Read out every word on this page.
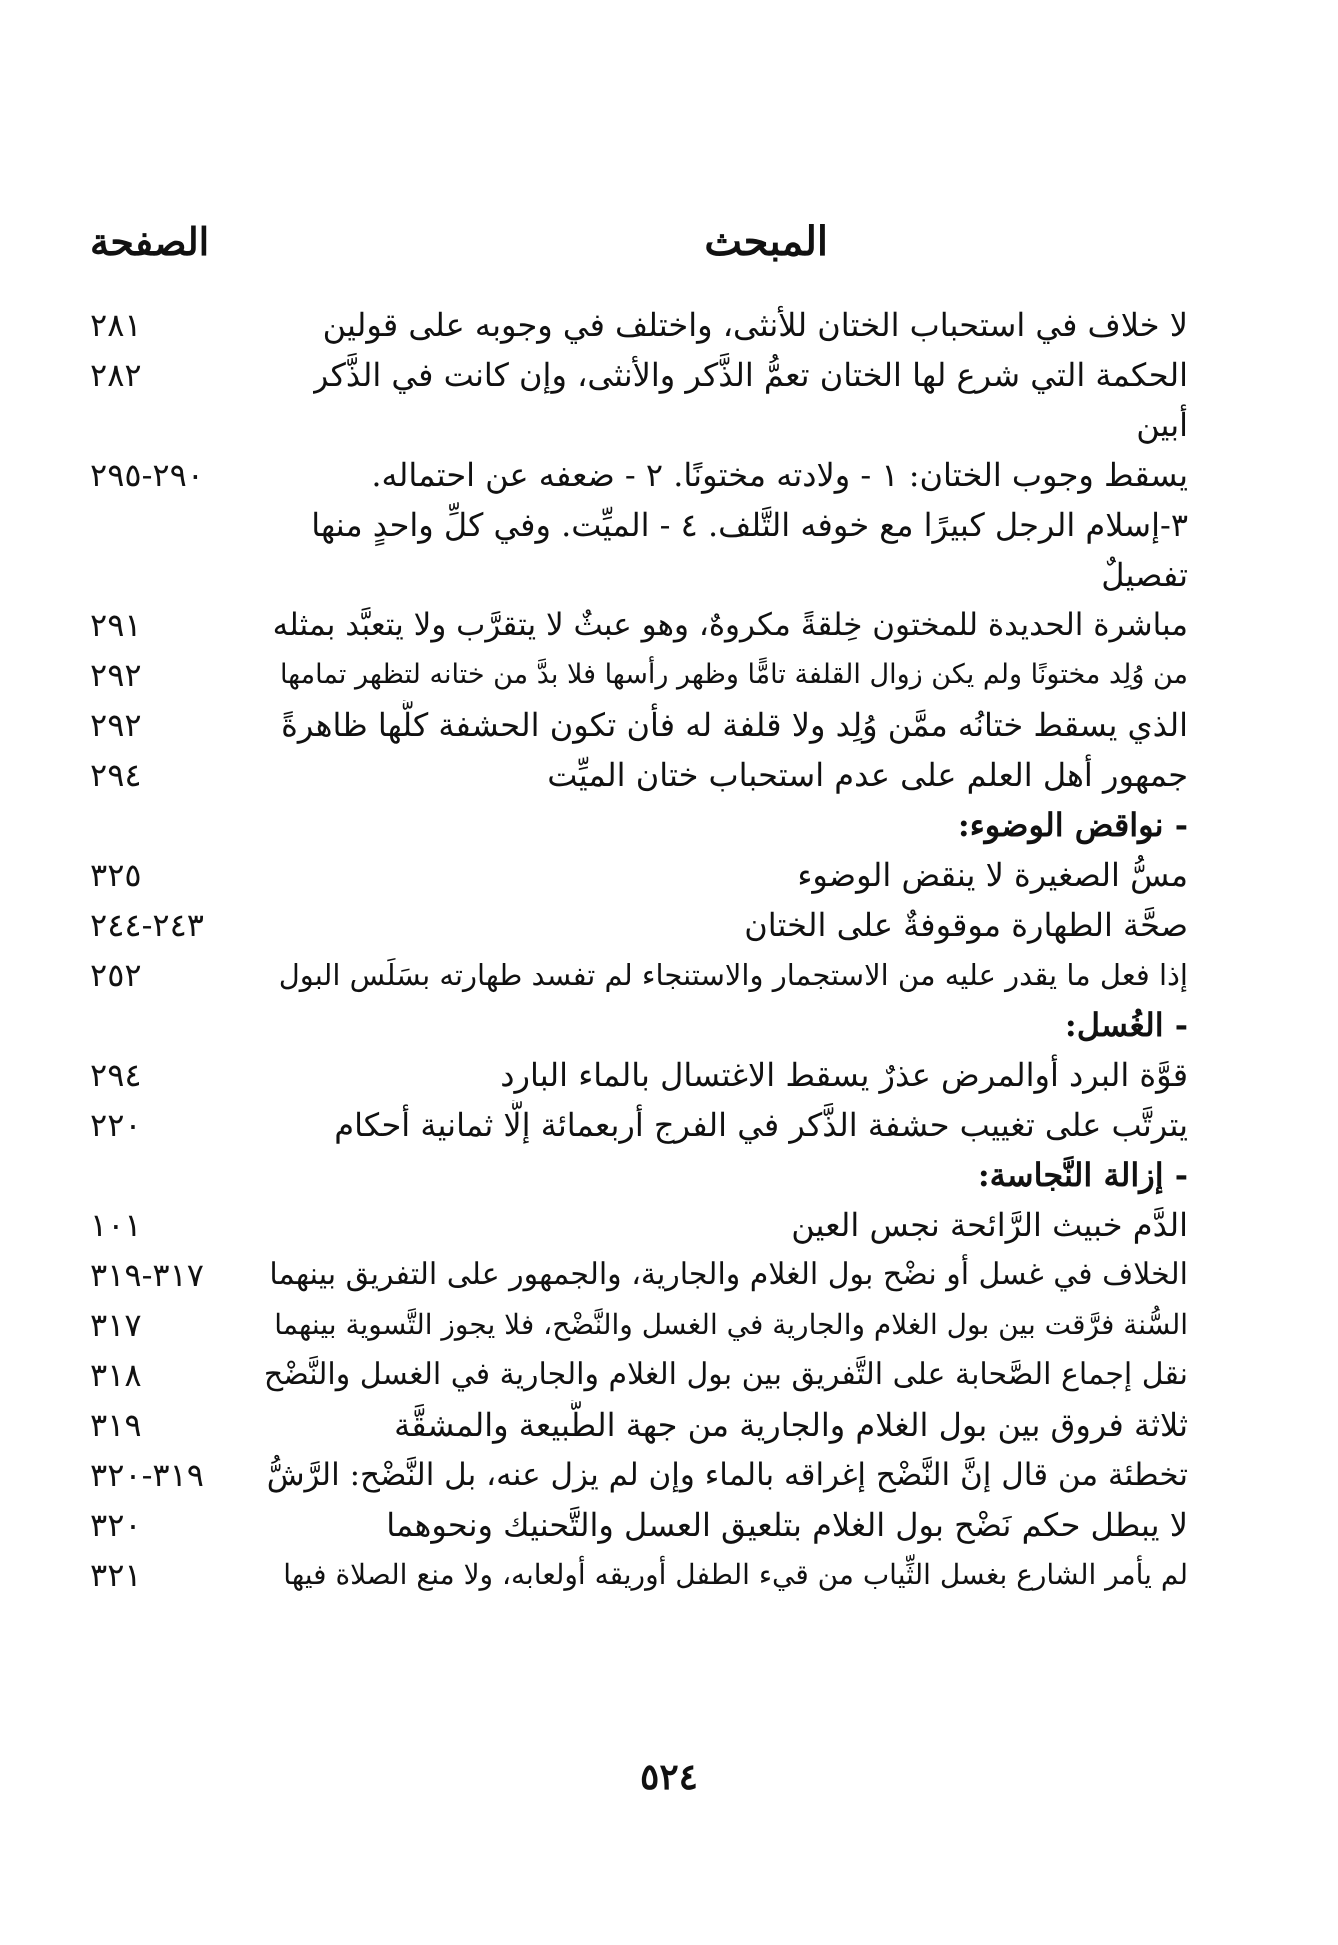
المبحث
الصفحة
لا خلاف في استحباب الختان للأنثى، واختلف في وجوبه على قولين
٢٨١
الحكمة التي شرع لها الختان تعمُّ الذَّكر والأنثى، وإن كانت في الذَّكر
٢٨٢
أبين
يسقط وجوب الختان: ١ - ولادته مختونًا. ٢ - ضعفه عن احتماله.
٢٩٠-٢٩٥
٣-إسلام الرجل كبيرًا مع خوفه التَّلف. ٤ - الميِّت. وفي كلِّ واحدٍ منها
تفصيلٌ
مباشرة الحديدة للمختون خِلقةً مكروهٌ، وهو عبثٌ لا يتقرَّب ولا يتعبَّد بمثله
٢٩١
من وُلِد مختونًا ولم يكن زوال القلفة تامًّا وظهر رأسها فلا بدَّ من ختانه لتظهر تمامها
٢٩٢
الذي يسقط ختانُه ممَّن وُلِد ولا قلفة له فأن تكون الحشفة كلُّها ظاهرةً
٢٩٢
جمهور أهل العلم على عدم استحباب ختان الميِّت
٢٩٤
- نواقض الوضوء:
مسُّ الصغيرة لا ينقض الوضوء
٣٢٥
صحَّة الطهارة موقوفةٌ على الختان
٢٤٣-٢٤٤
إذا فعل ما يقدر عليه من الاستجمار والاستنجاء لم تفسد طهارته بسَلَس البول
٢٥٢
- الغُسل:
قوَّة البرد أوالمرض عذرٌ يسقط الاغتسال بالماء البارد
٢٩٤
يترتَّب على تغييب حشفة الذَّكر في الفرج أربعمائة إلَّا ثمانية أحكام
٢٢٠
- إزالة النَّجاسة:
الدَّم خبيث الرَّائحة نجس العين
١٠١
الخلاف في غسل أو نضْح بول الغلام والجارية، والجمهور على التفريق بينهما
٣١٧-٣١٩
السُّنة فرَّقت بين بول الغلام والجارية في الغسل والنَّضْح، فلا يجوز التَّسوية بينهما
٣١٧
نقل إجماع الصَّحابة على التَّفريق بين بول الغلام والجارية في الغسل والنَّضْح
٣١٨
ثلاثة فروق بين بول الغلام والجارية من جهة الطَّبيعة والمشقَّة
٣١٩
تخطئة من قال إنَّ النَّضْح إغراقه بالماء وإن لم يزل عنه، بل النَّضْح: الرَّشُّ
٣١٩-٣٢٠
لا يبطل حكم نَضْح بول الغلام بتلعيق العسل والتَّحنيك ونحوهما
٣٢٠
لم يأمر الشارع بغسل الثِّياب من قيء الطفل أوريقه أولعابه، ولا منع الصلاة فيها
٣٢١
٥٢٤
